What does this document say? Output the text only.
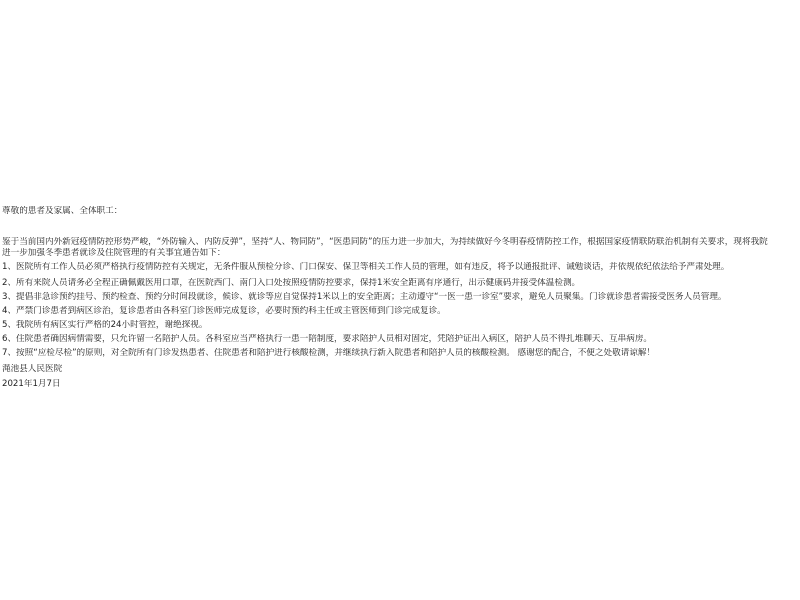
尊敬的患者及家属、全体职工：
鉴于当前国内外新冠疫情防控形势严峻，“外防输入、内防反弹”，坚持“人、物同防”，“医患同防”的压力进一步加大，为持续做好今冬明春疫情防控工作，根据国家疫情联防联治机制有关要求，现将我院
进一步加强冬季患者就诊及住院管理的有关事宜通告如下：
1、医院所有工作人员必须严格执行疫情防控有关规定，无条件服从预检分诊、门口保安、保卫等相关工作人员的管理，如有违反，将予以通报批评、诫勉谈话，并依规依纪依法给予严肃处理。
2、所有来院人员请务必全程正确佩戴医用口罩，在医院西门、南门入口处按照疫情防控要求，保持1米安全距离有序通行，出示健康码并接受体温检测。
3、提倡非急诊预约挂号、预约检查、预约分时间段就诊，候诊、就诊等应自觉保持1米以上的安全距离；主动遵守“一医一患一诊室”要求，避免人员聚集。门诊就诊患者需接受医务人员管理。
4、严禁门诊患者到病区诊治，复诊患者由各科室门诊医师完成复诊，必要时预约科主任或主管医师到门诊完成复诊。
5、我院所有病区实行严格的24小时管控，谢绝探视。
6、住院患者确因病情需要，只允许留一名陪护人员。各科室应当严格执行一患一陪制度，要求陪护人员相对固定，凭陪护证出入病区，陪护人员不得扎堆聊天、互串病房。
7、按照“应检尽检”的原则，对全院所有门诊发热患者、住院患者和陪护进行核酸检测，并继续执行新入院患者和陪护人员的核酸检测。 感谢您的配合，不便之处敬请谅解！
渑池县人民医院
2021年1月7日
